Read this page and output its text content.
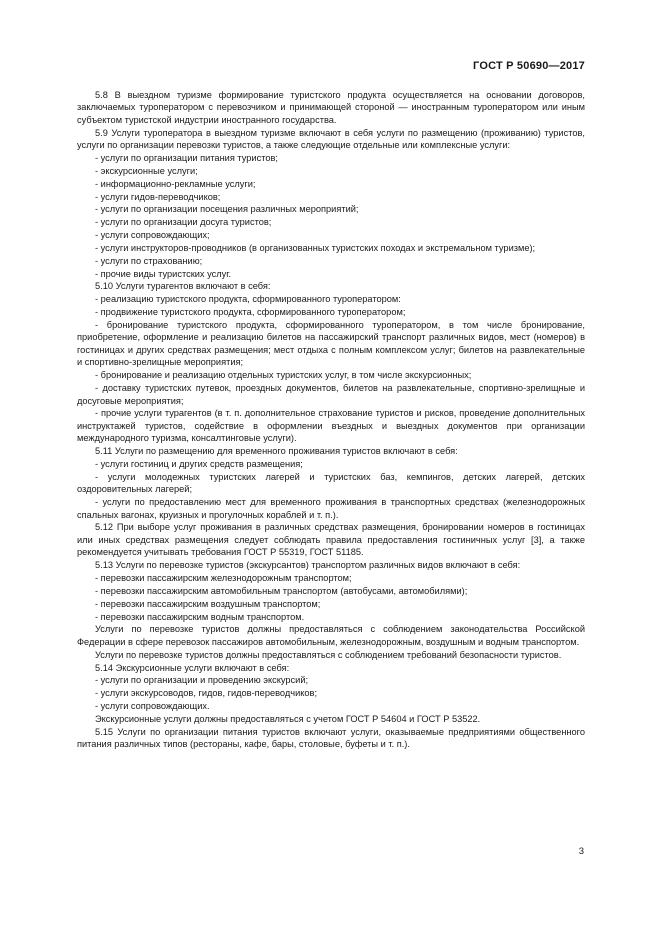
ГОСТ Р 50690—2017

5.8 В выездном туризме формирование туристского продукта осуществляется на основании договоров, заключаемых туроператором с перевозчиком и принимающей стороной — иностранным туроператором или иным субъектом туристской индустрии иностранного государства.

5.9 Услуги туроператора в выездном туризме включают в себя услуги по размещению (проживанию) туристов, услуги по организации перевозки туристов, а также следующие отдельные или комплексные услуги:

- услуги по организации питания туристов;

- экскурсионные услуги;

- информационно-рекламные услуги;

- услуги гидов-переводчиков;

- услуги по организации посещения различных мероприятий;

- услуги по организации досуга туристов;

- услуги сопровождающих;

- услуги инструкторов-проводников (в организованных туристских походах и экстремальном туризме);

- услуги по страхованию;

- прочие виды туристских услуг.

5.10 Услуги турагентов включают в себя:

- реализацию туристского продукта, сформированного туроператором:

- продвижение туристского продукта, сформированного туроператором;

- бронирование туристского продукта, сформированного туроператором, в том числе бронирование, приобретение, оформление и реализацию билетов на пассажирский транспорт различных видов, мест (номеров) в гостиницах и других средствах размещения; мест отдыха с полным комплексом услуг; билетов на развлекательные и спортивно-зрелищные мероприятия;

- бронирование и реализацию отдельных туристских услуг, в том числе экскурсионных;

- доставку туристских путевок, проездных документов, билетов на развлекательные, спортивно-зрелищные и досуговые мероприятия;

- прочие услуги турагентов (в т. п. дополнительное страхование туристов и рисков, проведение дополнительных инструктажей туристов, содействие в оформлении въездных и выездных документов при организации международного туризма, консалтинговые услуги).

5.11 Услуги по размещению для временного проживания туристов включают в себя:

- услуги гостиниц и других средств размещения;

- услуги молодежных туристских лагерей и туристских баз, кемпингов, детских лагерей, детских оздоровительных лагерей;

- услуги по предоставлению мест для временного проживания в транспортных средствах (железнодорожных спальных вагонах, круизных и прогулочных кораблей и т. п.).

5.12 При выборе услуг проживания в различных средствах размещения, бронировании номеров в гостиницах или иных средствах размещения следует соблюдать правила предоставления гостиничных услуг [3], а также рекомендуется учитывать требования ГОСТ Р 55319, ГОСТ 51185.

5.13 Услуги по перевозке туристов (экскурсантов) транспортом различных видов включают в себя:

- перевозки пассажирским железнодорожным транспортом;

- перевозки пассажирским автомобильным транспортом (автобусами, автомобилями);

- перевозки пассажирским воздушным транспортом;

- перевозки пассажирским водным транспортом.

Услуги по перевозке туристов должны предоставляться с соблюдением законодательства Российской Федерации в сфере перевозок пассажиров автомобильным, железнодорожным, воздушным и водным транспортом.

Услуги по перевозке туристов должны предоставляться с соблюдением требований безопасности туристов.

5.14 Экскурсионные услуги включают в себя:

- услуги по организации и проведению экскурсий;

- услуги экскурсоводов, гидов, гидов-переводчиков;

- услуги сопровождающих.

Экскурсионные услуги должны предоставляться с учетом ГОСТ Р 54604 и ГОСТ Р 53522.

5.15 Услуги по организации питания туристов включают услуги, оказываемые предприятиями общественного питания различных типов (рестораны, кафе, бары, столовые, буфеты и т. п.).

3
